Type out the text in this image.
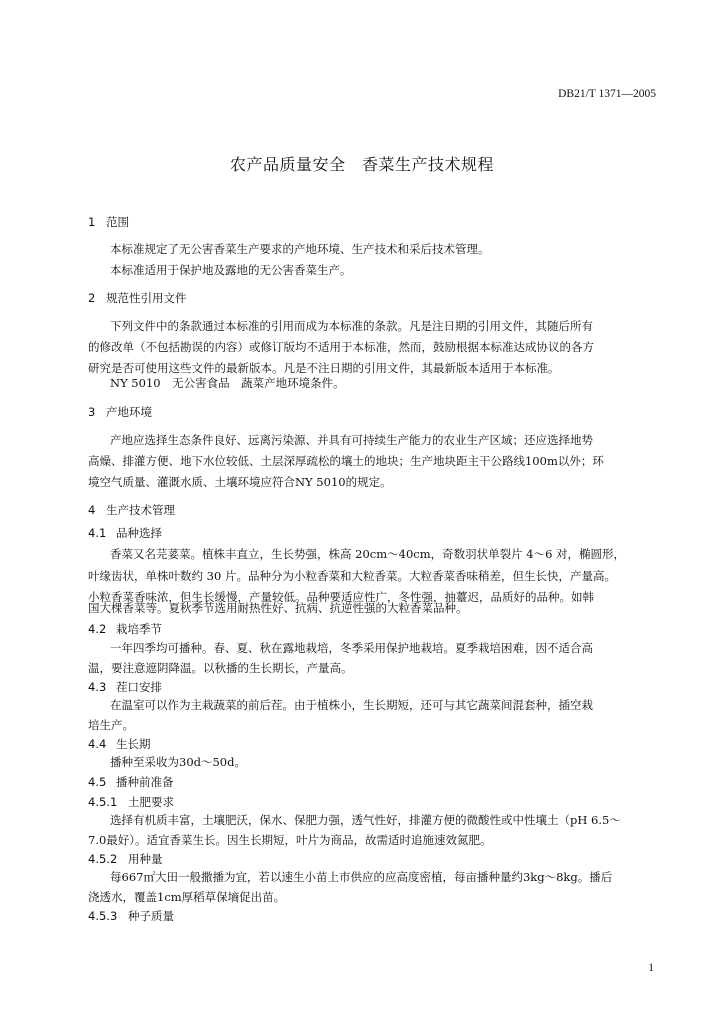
DB21/T 1371—2005
农产品质量安全　香菜生产技术规程
1 范围
本标准规定了无公害香菜生产要求的产地环境、生产技术和采后技术管理。
本标准适用于保护地及露地的无公害香菜生产。
2 规范性引用文件
下列文件中的条款通过本标准的引用而成为本标准的条款。凡是注日期的引用文件，其随后所有
的修改单（不包括勘误的内容）或修订版均不适用于本标准，然而，鼓励根据本标准达成协议的各方
研究是否可使用这些文件的最新版本。凡是不注日期的引用文件，其最新版本适用于本标准。
NY 5010　无公害食品　蔬菜产地环境条件。
3 产地环境
产地应选择生态条件良好、远离污染源、并具有可持续生产能力的农业生产区域；还应选择地势
高燥、排灌方便、地下水位较低、土层深厚疏松的壤土的地块；生产地块距主干公路线100m以外；环
境空气质量、灌溉水质、土壤环境应符合NY 5010的规定。
4 生产技术管理
4.1 品种选择
香菜又名芫荽菜。植株丰直立，生长势强，株高 20cm～40cm，奇数羽状单裂片 4～6 对，椭圆形，
叶缘齿状，单株叶数约 30 片。品种分为小粒香菜和大粒香菜。大粒香菜香味稍差，但生长快，产量高。
小粒香菜香味浓，但生长缓慢，产量较低。品种要适应性广，冬性强，抽薹迟，品质好的品种。如韩
国大棵香菜等。夏秋季节选用耐热性好、抗病、抗逆性强的大粒香菜品种。
4.2 栽培季节
一年四季均可播种。春、夏、秋在露地栽培，冬季采用保护地栽培。夏季栽培困难，因不适合高
温，要注意遮阴降温。以秋播的生长期长，产量高。
4.3 茬口安排
在温室可以作为主栽蔬菜的前后茬。由于植株小，生长期短，还可与其它蔬菜间混套种，插空栽
培生产。
4.4 生长期
播种至采收为30d～50d。
4.5 播种前准备
4.5.1 土肥要求
选择有机质丰富，土壤肥沃，保水、保肥力强，透气性好，排灌方便的微酸性或中性壤土（pH 6.5～
7.0最好）。适宜香菜生长。因生长期短，叶片为商品，故需适时追施速效氮肥。
4.5.2 用种量
每667㎡大田一般撒播为宜，若以速生小苗上市供应的应高度密植，每亩播种量约3kg～8kg。播后
浇透水，覆盖1cm厚稻草保墒促出苗。
4.5.3 种子质量
1
